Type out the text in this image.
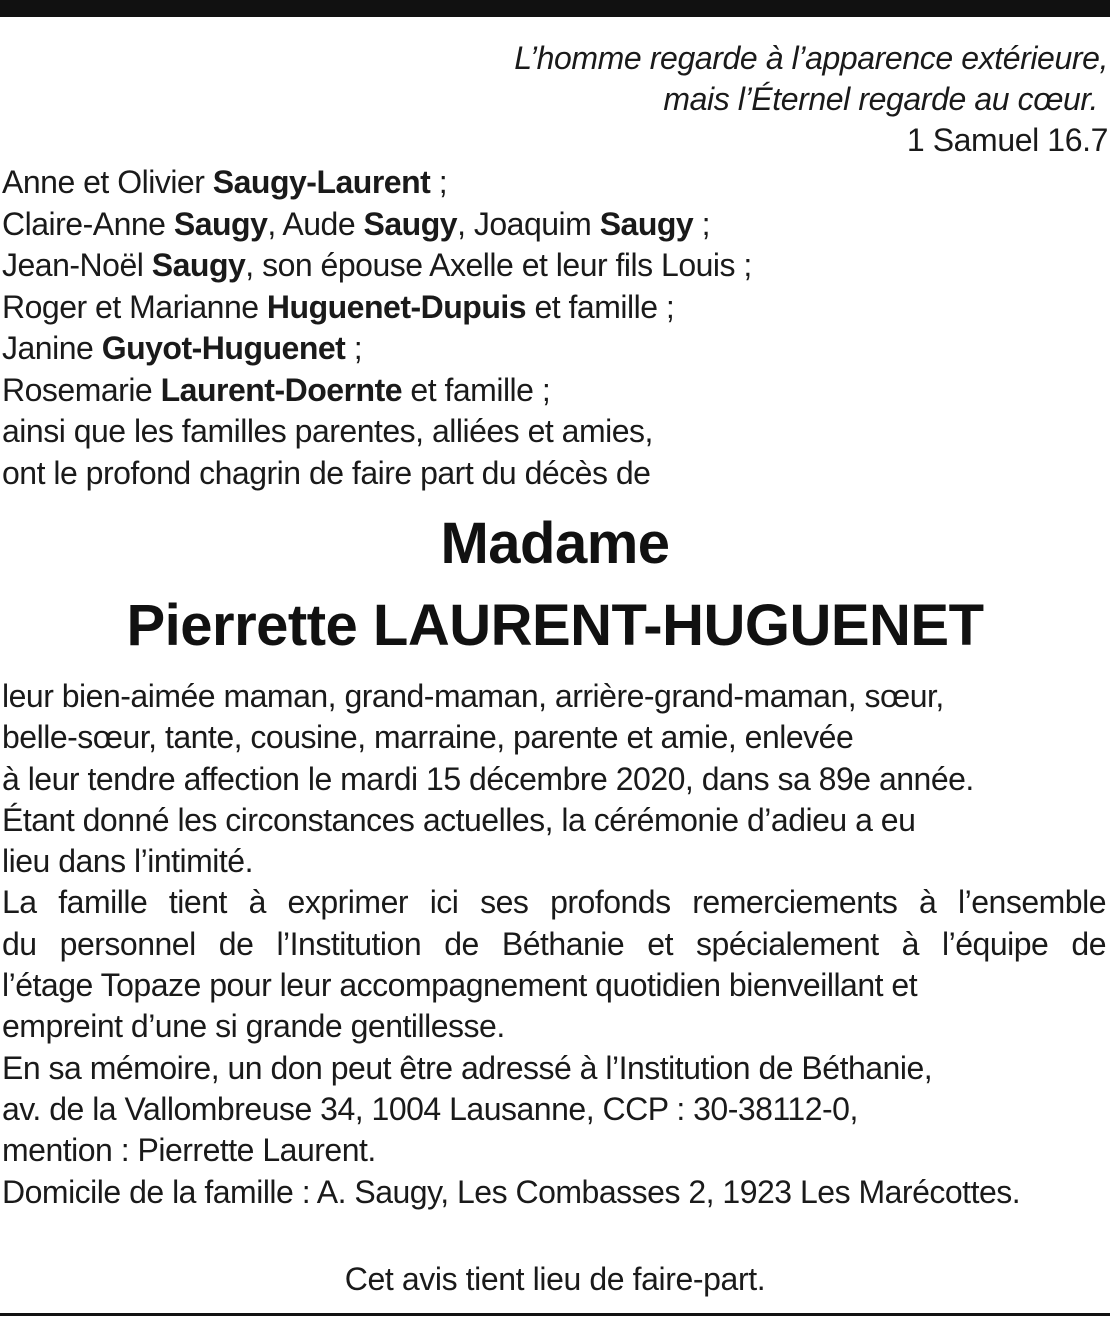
L’homme regarde à l’apparence extérieure,
mais l’Éternel regarde au cœur.
1 Samuel 16.7
Anne et Olivier Saugy-Laurent ;
Claire-Anne Saugy, Aude Saugy, Joaquim Saugy ;
Jean-Noël Saugy, son épouse Axelle et leur fils Louis ;
Roger et Marianne Huguenet-Dupuis et famille ;
Janine Guyot-Huguenet ;
Rosemarie Laurent-Doernte et famille ;
ainsi que les familles parentes, alliées et amies,
ont le profond chagrin de faire part du décès de
Madame
Pierrette LAURENT-HUGUENET
leur bien-aimée maman, grand-maman, arrière-grand-maman, sœur,
belle-sœur, tante, cousine, marraine, parente et amie, enlevée
à leur tendre affection le mardi 15 décembre 2020, dans sa 89e année.
Étant donné les circonstances actuelles, la cérémonie d’adieu a eu
lieu dans l’intimité.
La famille tient à exprimer ici ses profonds remerciements à l’ensemble
du personnel de l’Institution de Béthanie et spécialement à l’équipe de
l’étage Topaze pour leur accompagnement quotidien bienveillant et
empreint d’une si grande gentillesse.
En sa mémoire, un don peut être adressé à l’Institution de Béthanie,
av. de la Vallombreuse 34, 1004 Lausanne, CCP : 30-38112-0,
mention : Pierrette Laurent.
Domicile de la famille : A. Saugy, Les Combasses 2, 1923 Les Marécottes.
Cet avis tient lieu de faire-part.
